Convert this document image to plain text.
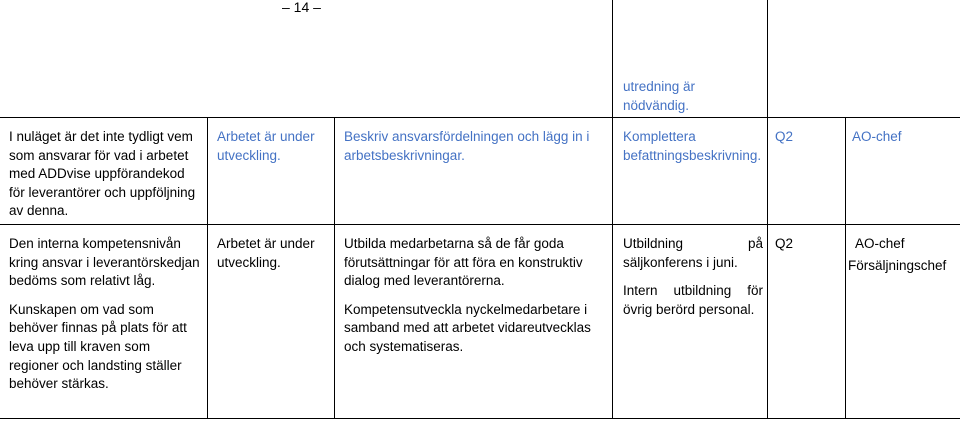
– 14 –
utredning är nödvändig.
I nuläget är det inte tydligt vem som ansvarar för vad i arbetet med ADDvise uppförandekod för leverantörer och uppföljning av denna.
Arbetet är under utveckling.
Beskriv ansvarsfördelningen och lägg in i arbetsbeskrivningar.
Komplettera befattningsbeskrivning.
Q2	AO-chef
Den interna kompetensnivån kring ansvar i leverantörskedjan bedöms som relativt låg.
Kunskapen om vad som behöver finnas på plats för att leva upp till kraven som regioner och landsting ställer behöver stärkas.
Arbetet är under utveckling.
Utbilda medarbetarna så de får goda förutsättningar för att föra en konstruktiv dialog med leverantörerna.
Kompetensutveckla nyckelmedarbetare i samband med att arbetet vidareutvecklas och systematiseras.
Utbildning på säljkonferens i juni.
Intern utbildning för övrig berörd personal.
Q2	AO-chef
Försäljningschef
